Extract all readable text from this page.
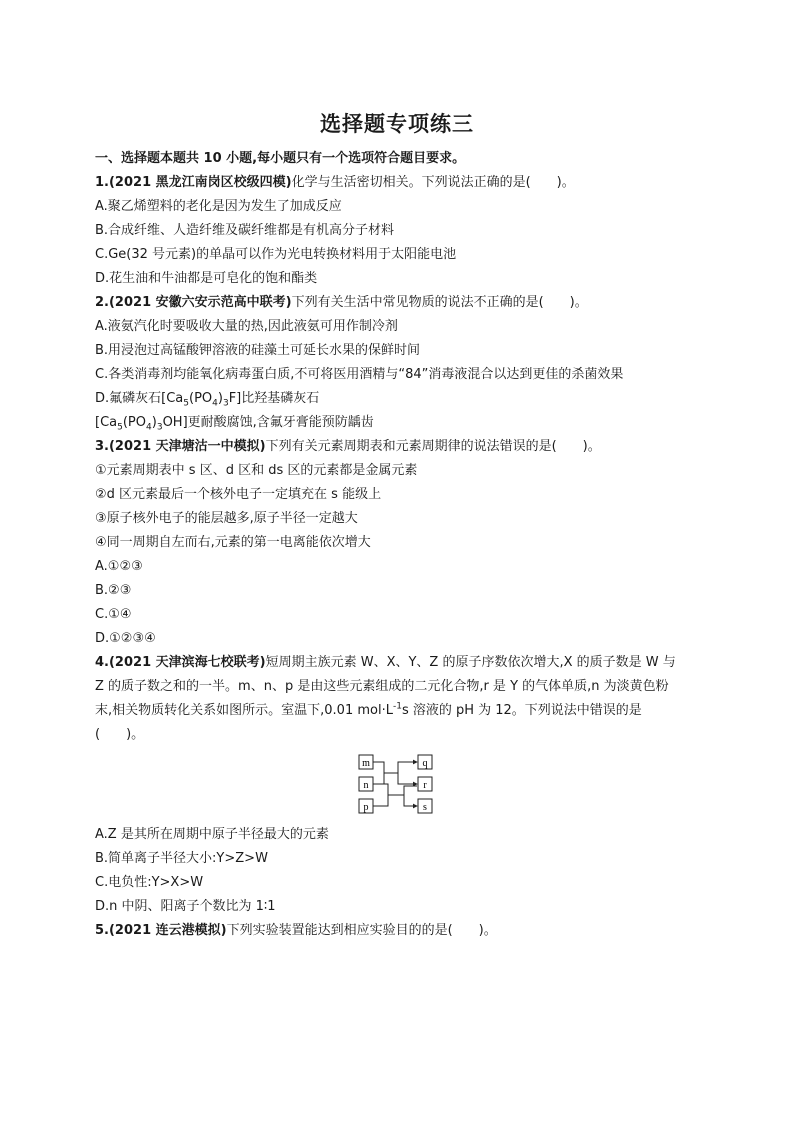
选择题专项练三
一、选择题本题共 10 小题,每小题只有一个选项符合题目要求。
1.(2021 黑龙江南岗区校级四模)化学与生活密切相关。下列说法正确的是(　　)。
A.聚乙烯塑料的老化是因为发生了加成反应
B.合成纤维、人造纤维及碳纤维都是有机高分子材料
C.Ge(32 号元素)的单晶可以作为光电转换材料用于太阳能电池
D.花生油和牛油都是可皂化的饱和酯类
2.(2021 安徽六安示范高中联考)下列有关生活中常见物质的说法不正确的是(　　)。
A.液氨汽化时要吸收大量的热,因此液氨可用作制冷剂
B.用浸泡过高锰酸钾溶液的硅藻土可延长水果的保鲜时间
C.各类消毒剂均能氧化病毒蛋白质,不可将医用酒精与“84”消毒液混合以达到更佳的杀菌效果
D.氟磷灰石$[Ca_5(PO_4)_3F]$比羟基磷灰石
$[Ca_5(PO_4)_3OH]$更耐酸腐蚀,含氟牙膏能预防龋齿
3.(2021 天津塘沽一中模拟)下列有关元素周期表和元素周期律的说法错误的是(　　)。
①元素周期表中 s 区、d 区和 ds 区的元素都是金属元素
②d 区元素最后一个核外电子一定填充在 s 能级上
③原子核外电子的能层越多,原子半径一定越大
④同一周期自左而右,元素的第一电离能依次增大
A.①②③
B.②③
C.①④
D.①②③④
4.(2021 天津滨海七校联考)短周期主族元素 W、X、Y、Z 的原子序数依次增大,X 的质子数是 W 与
Z 的质子数之和的一半。m、n、p 是由这些元素组成的二元化合物,r 是 Y 的气体单质,n 为淡黄色粉
末,相关物质转化关系如图所示。室温下,0.01 $mol\cdot L^{-1}s$ 溶液的 pH 为 12。下列说法中错误的是
(　　)。
m
n
p
q
r
s
A.Z 是其所在周期中原子半径最大的元素
B.简单离子半径大小:Y>Z>W
C.电负性:Y>X>W
D.n 中阴、阳离子个数比为 1∶1
5.(2021 连云港模拟)下列实验装置能达到相应实验目的的是(　　)。
